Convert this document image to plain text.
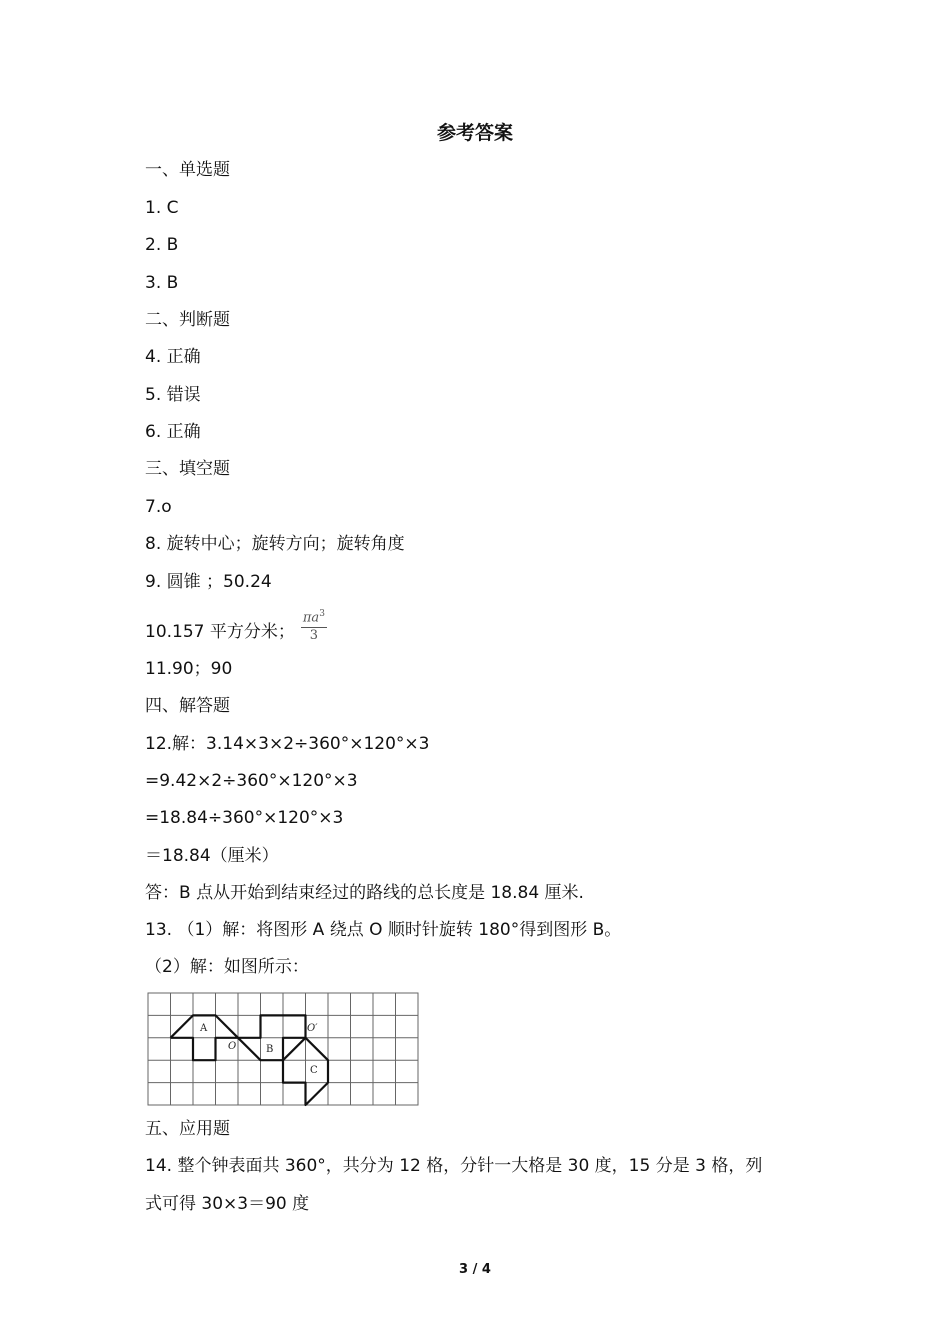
参考答案
一、单选题
1. C
2. B
3. B
二、判断题
4. 正确
5. 错误
6. 正确
三、填空题
7.o
8. 旋转中心；旋转方向；旋转角度
9. 圆锥 ；50.24
10.157 平方分米； $\frac{\pi a^3}{3}$
11.90；90
四、解答题
12.解：3.14×3×2÷360°×120°×3
=9.42×2÷360°×120°×3
=18.84÷360°×120°×3
＝18.84（厘米）
答：B 点从开始到结束经过的路线的总长度是 18.84 厘米.
13. （1）解：将图形 A 绕点 O 顺时针旋转 180°得到图形 B。
（2）解：如图所示：
A
B
C
O
O′
五、应用题
14. 整个钟表面共 360°，共分为 12 格，分针一大格是 30 度，15 分是 3 格，列
式可得 30×3＝90 度
3 / 4
